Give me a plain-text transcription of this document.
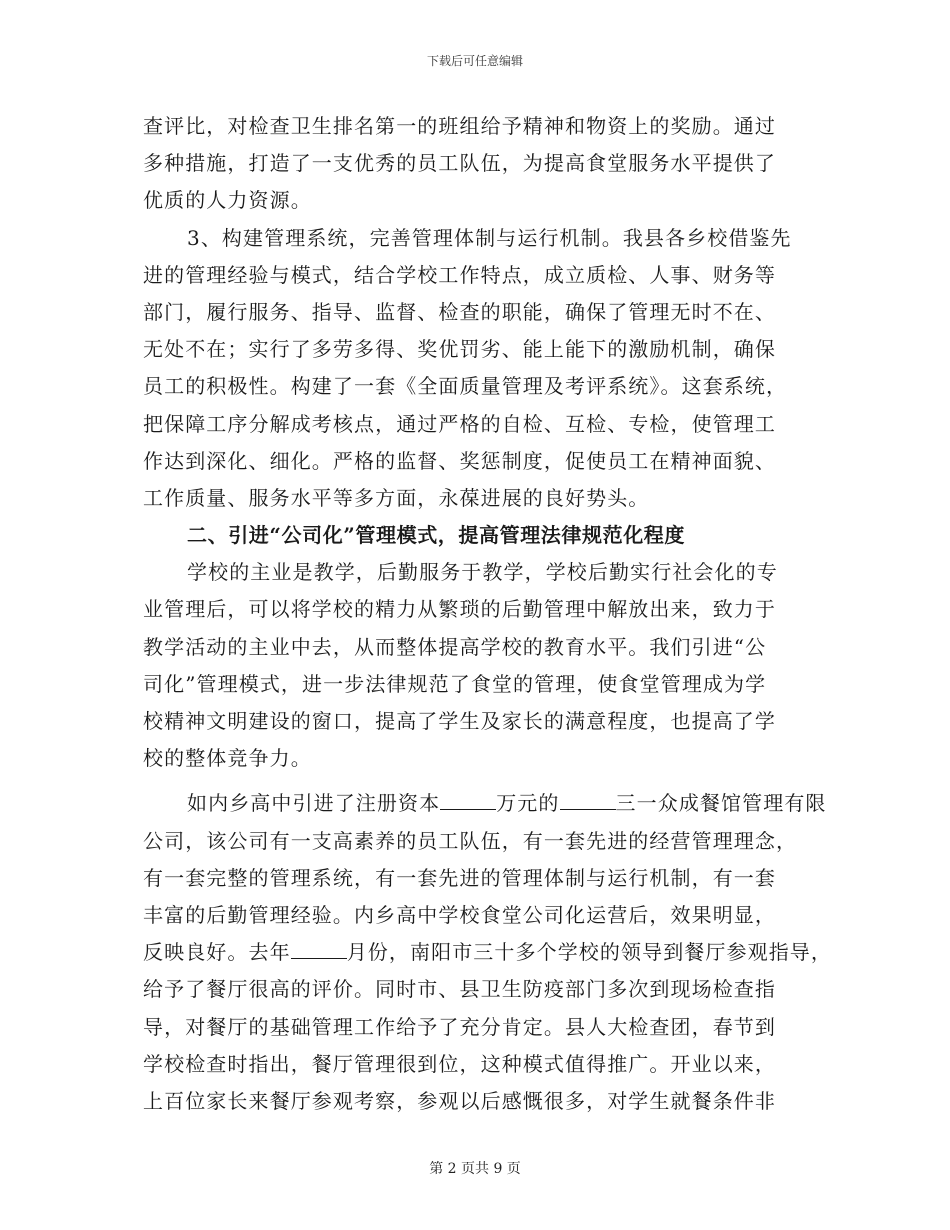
下载后可任意编辑
查评比，对检查卫生排名第一的班组给予精神和物资上的奖励。通过
多种措施，打造了一支优秀的员工队伍，为提高食堂服务水平提供了
优质的人力资源。
3、构建管理系统，完善管理体制与运行机制。我县各乡校借鉴先
进的管理经验与模式，结合学校工作特点，成立质检、人事、财务等
部门，履行服务、指导、监督、检查的职能，确保了管理无时不在、
无处不在；实行了多劳多得、奖优罚劣、能上能下的激励机制，确保
员工的积极性。构建了一套《全面质量管理及考评系统》。这套系统，
把保障工序分解成考核点，通过严格的自检、互检、专检，使管理工
作达到深化、细化。严格的监督、奖惩制度，促使员工在精神面貌、
工作质量、服务水平等多方面，永葆进展的良好势头。
二、引进“公司化”管理模式，提高管理法律规范化程度
学校的主业是教学，后勤服务于教学，学校后勤实行社会化的专
业管理后，可以将学校的精力从繁琐的后勤管理中解放出来，致力于
教学活动的主业中去，从而整体提高学校的教育水平。我们引进“公
司化”管理模式，进一步法律规范了食堂的管理，使食堂管理成为学
校精神文明建设的窗口，提高了学生及家长的满意程度，也提高了学
校的整体竞争力。
如内乡高中引进了注册资本	万元的	三一众成餐馆管理有限
公司，该公司有一支高素养的员工队伍，有一套先进的经营管理理念，
有一套完整的管理系统，有一套先进的管理体制与运行机制，有一套
丰富的后勤管理经验。内乡高中学校食堂公司化运营后，效果明显，
反映良好。去年	月份，南阳市三十多个学校的领导到餐厅参观指导，
给予了餐厅很高的评价。同时市、县卫生防疫部门多次到现场检查指
导，对餐厅的基础管理工作给予了充分肯定。县人大检查团，春节到
学校检查时指出，餐厅管理很到位，这种模式值得推广。开业以来，
上百位家长来餐厅参观考察，参观以后感慨很多，对学生就餐条件非
第 2 页共 9 页
